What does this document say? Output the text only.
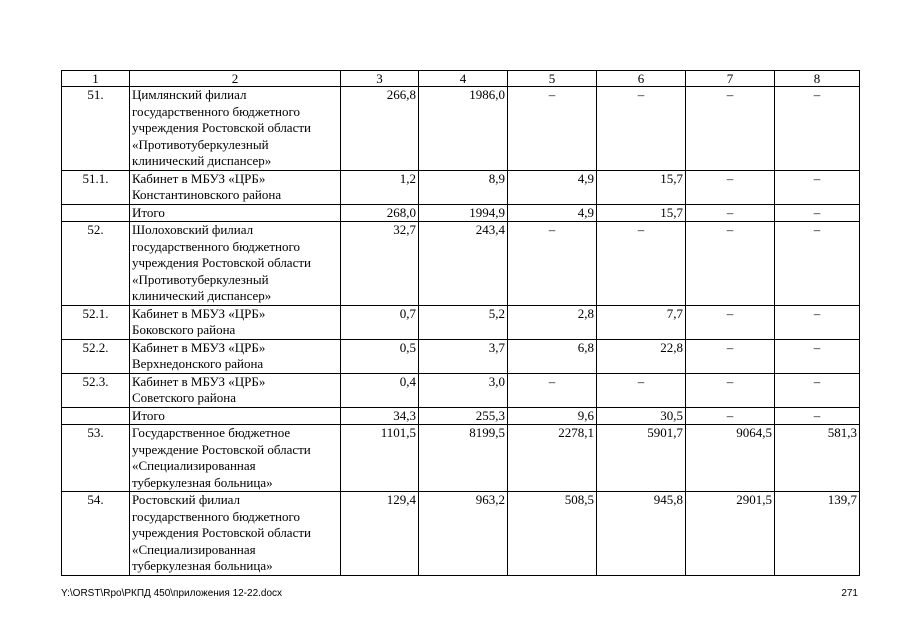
1	2	3	4	5	6	7	8
51.	Цимлянский филиал
государственного бюджетного
учреждения Ростовской области
«Противотуберкулезный
клинический диспансер»	266,8	1986,0	–	–	–	–
51.1.	Кабинет в МБУЗ «ЦРБ»
Константиновского района	1,2	8,9	4,9	15,7	–	–
	Итого	268,0	1994,9	4,9	15,7	–	–
52.	Шолоховский филиал
государственного бюджетного
учреждения Ростовской области
«Противотуберкулезный
клинический диспансер»	32,7	243,4	–	–	–	–
52.1.	Кабинет в МБУЗ «ЦРБ»
Боковского района	0,7	5,2	2,8	7,7	–	–
52.2.	Кабинет в МБУЗ «ЦРБ»
Верхнедонского района	0,5	3,7	6,8	22,8	–	–
52.3.	Кабинет в МБУЗ «ЦРБ»
Советского района	0,4	3,0	–	–	–	–
	Итого	34,3	255,3	9,6	30,5	–	–
53.	Государственное бюджетное
учреждение Ростовской области
«Специализированная
туберкулезная больница»	1101,5	8199,5	2278,1	5901,7	9064,5	581,3
54.	Ростовский филиал
государственного бюджетного
учреждения Ростовской области
«Специализированная
туберкулезная больница»	129,4	963,2	508,5	945,8	2901,5	139,7
Y:\ORST\Rpo\РКПД 450\приложения 12-22.docx	271
